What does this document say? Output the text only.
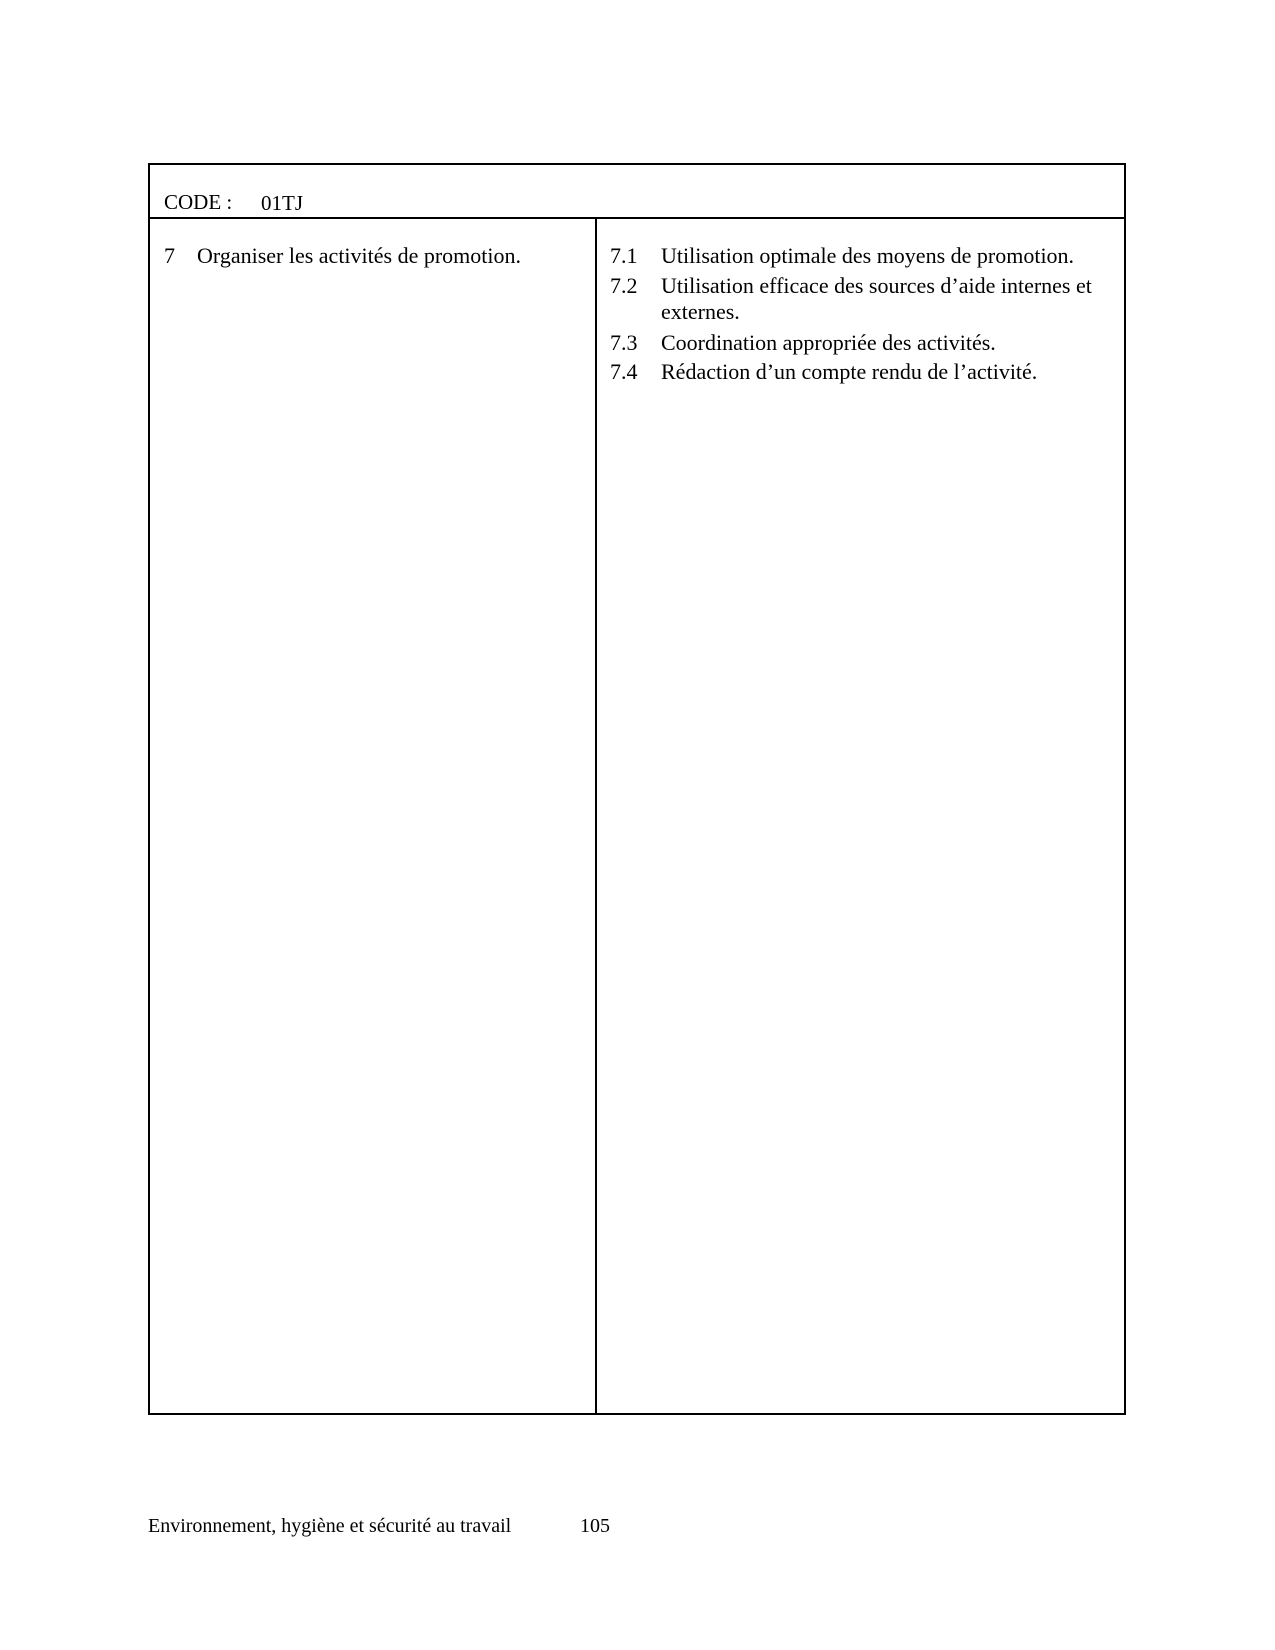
CODE : 01TJ
7 Organiser les activités de promotion.	7.1 Utilisation optimale des moyens de promotion.
7.2 Utilisation efficace des sources d’aide internes et externes.
7.3 Coordination appropriée des activités.
7.4 Rédaction d’un compte rendu de l’activité.
Environnement, hygiène et sécurité au travail	105
